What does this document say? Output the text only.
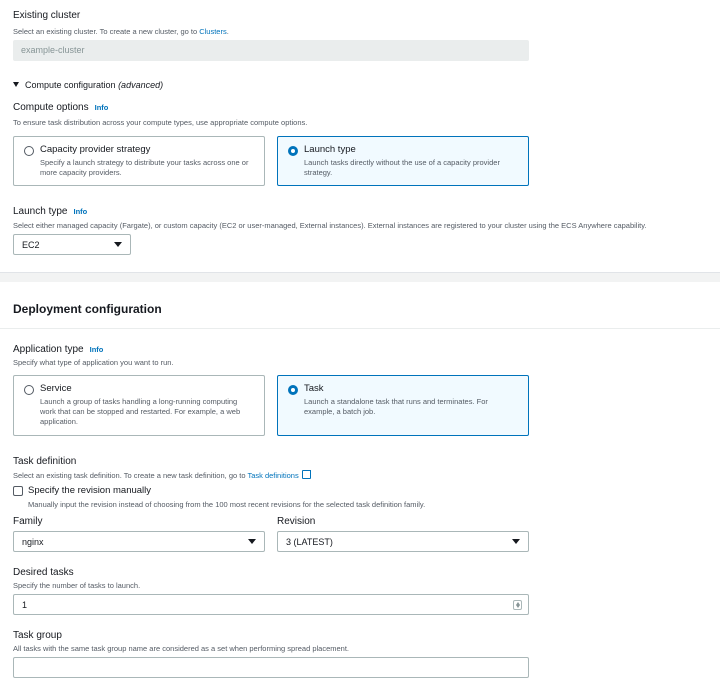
Existing cluster
Select an existing cluster. To create a new cluster, go to Clusters.
example-cluster
Compute configuration (advanced)
Compute options Info
To ensure task distribution across your compute types, use appropriate compute options.
Capacity provider strategy
Specify a launch strategy to distribute your tasks across one or more capacity providers.
Launch type
Launch tasks directly without the use of a capacity provider strategy.
Launch type Info
Select either managed capacity (Fargate), or custom capacity (EC2 or user-managed, External instances). External instances are registered to your cluster using the ECS Anywhere capability.
EC2
Deployment configuration
Application type Info
Specify what type of application you want to run.
Service
Launch a group of tasks handling a long-running computing work that can be stopped and restarted. For example, a web application.
Task
Launch a standalone task that runs and terminates. For example, a batch job.
Task definition
Select an existing task definition. To create a new task definition, go to Task definitions
Specify the revision manually
Manually input the revision instead of choosing from the 100 most recent revisions for the selected task definition family.
Family
nginx
Revision
3 (LATEST)
Desired tasks
Specify the number of tasks to launch.
1
Task group
All tasks with the same task group name are considered as a set when performing spread placement.
